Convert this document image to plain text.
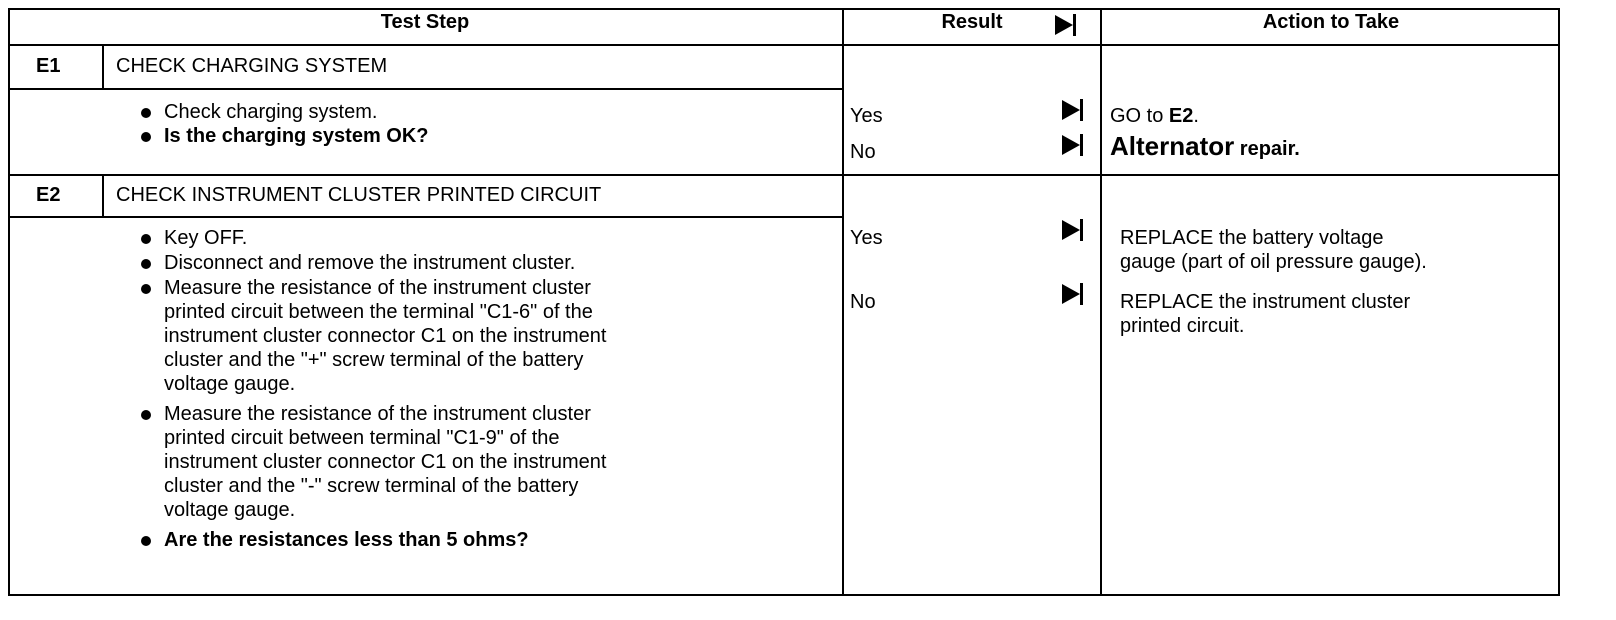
Test Step	Result	Action to Take
E1	CHECK CHARGING SYSTEM
Check charging system.
Is the charging system OK?
Yes	GO to E2.
No	Alternator repair.
E2	CHECK INSTRUMENT CLUSTER PRINTED CIRCUIT
Key OFF.
Disconnect and remove the instrument cluster.
Measure the resistance of the instrument cluster
printed circuit between the terminal "C1-6" of the
instrument cluster connector C1 on the instrument
cluster and the "+" screw terminal of the battery
voltage gauge.
Measure the resistance of the instrument cluster
printed circuit between terminal "C1-9" of the
instrument cluster connector C1 on the instrument
cluster and the "-" screw terminal of the battery
voltage gauge.
Are the resistances less than 5 ohms?
Yes	REPLACE the battery voltage
gauge (part of oil pressure gauge).
No	REPLACE the instrument cluster
printed circuit.
